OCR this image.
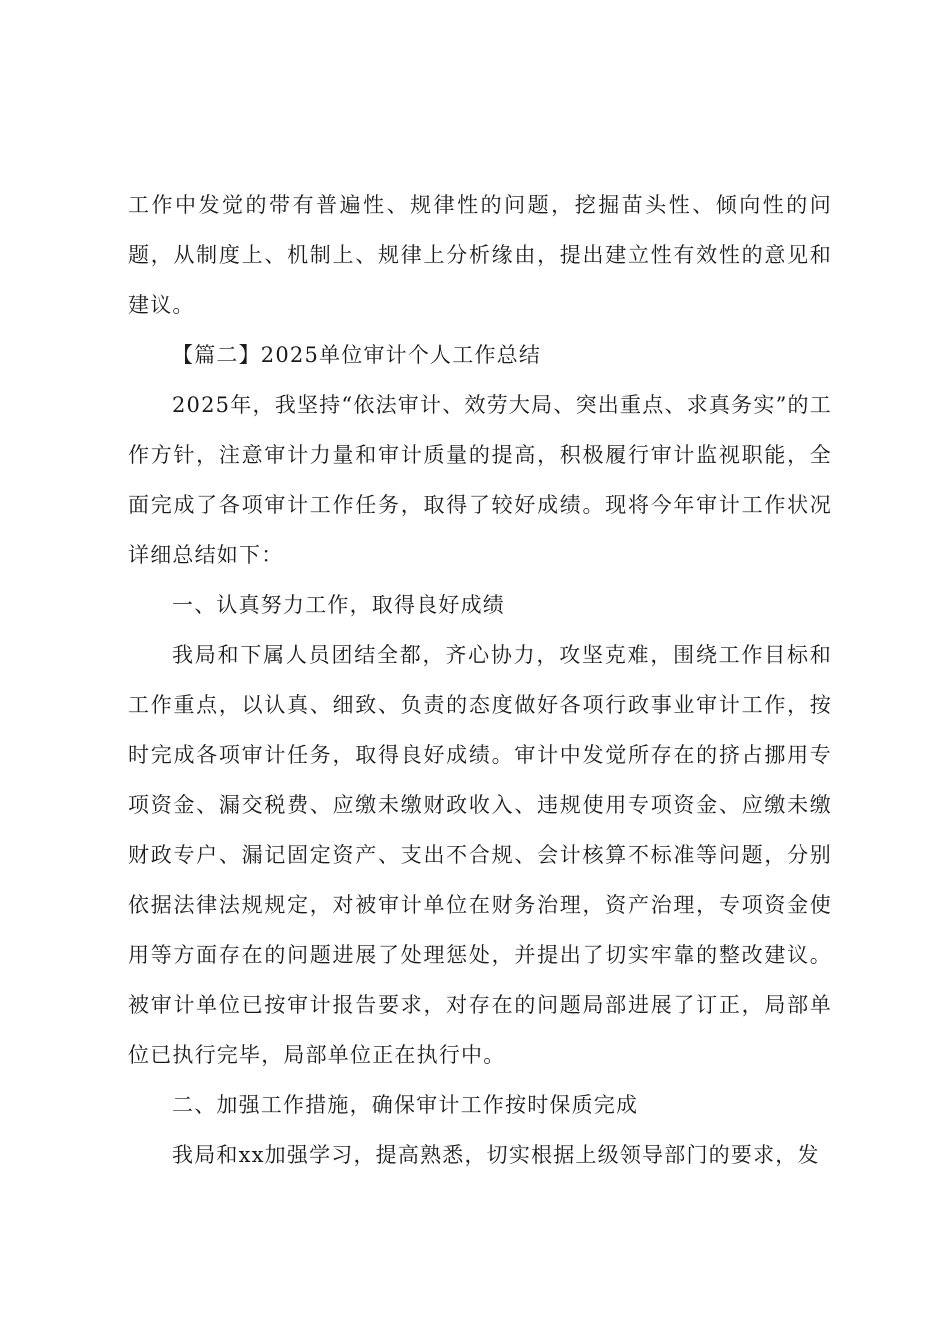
工作中发觉的带有普遍性、规律性的问题，挖掘苗头性、倾向性的问题，从制度上、机制上、规律上分析缘由，提出建立性有效性的意见和建议。

【篇二】2025单位审计个人工作总结

2025年，我坚持“依法审计、效劳大局、突出重点、求真务实”的工作方针，注意审计力量和审计质量的提高，积极履行审计监视职能，全面完成了各项审计工作任务，取得了较好成绩。现将今年审计工作状况详细总结如下：

一、认真努力工作，取得良好成绩

我局和下属人员团结全都，齐心协力，攻坚克难，围绕工作目标和工作重点，以认真、细致、负责的态度做好各项行政事业审计工作，按时完成各项审计任务，取得良好成绩。审计中发觉所存在的挤占挪用专项资金、漏交税费、应缴未缴财政收入、违规使用专项资金、应缴未缴财政专户、漏记固定资产、支出不合规、会计核算不标准等问题，分别依据法律法规规定，对被审计单位在财务治理，资产治理，专项资金使用等方面存在的问题进展了处理惩处，并提出了切实牢靠的整改建议。被审计单位已按审计报告要求，对存在的问题局部进展了订正，局部单位已执行完毕，局部单位正在执行中。

二、加强工作措施，确保审计工作按时保质完成

我局和xx加强学习，提高熟悉，切实根据上级领导部门的要求，发
